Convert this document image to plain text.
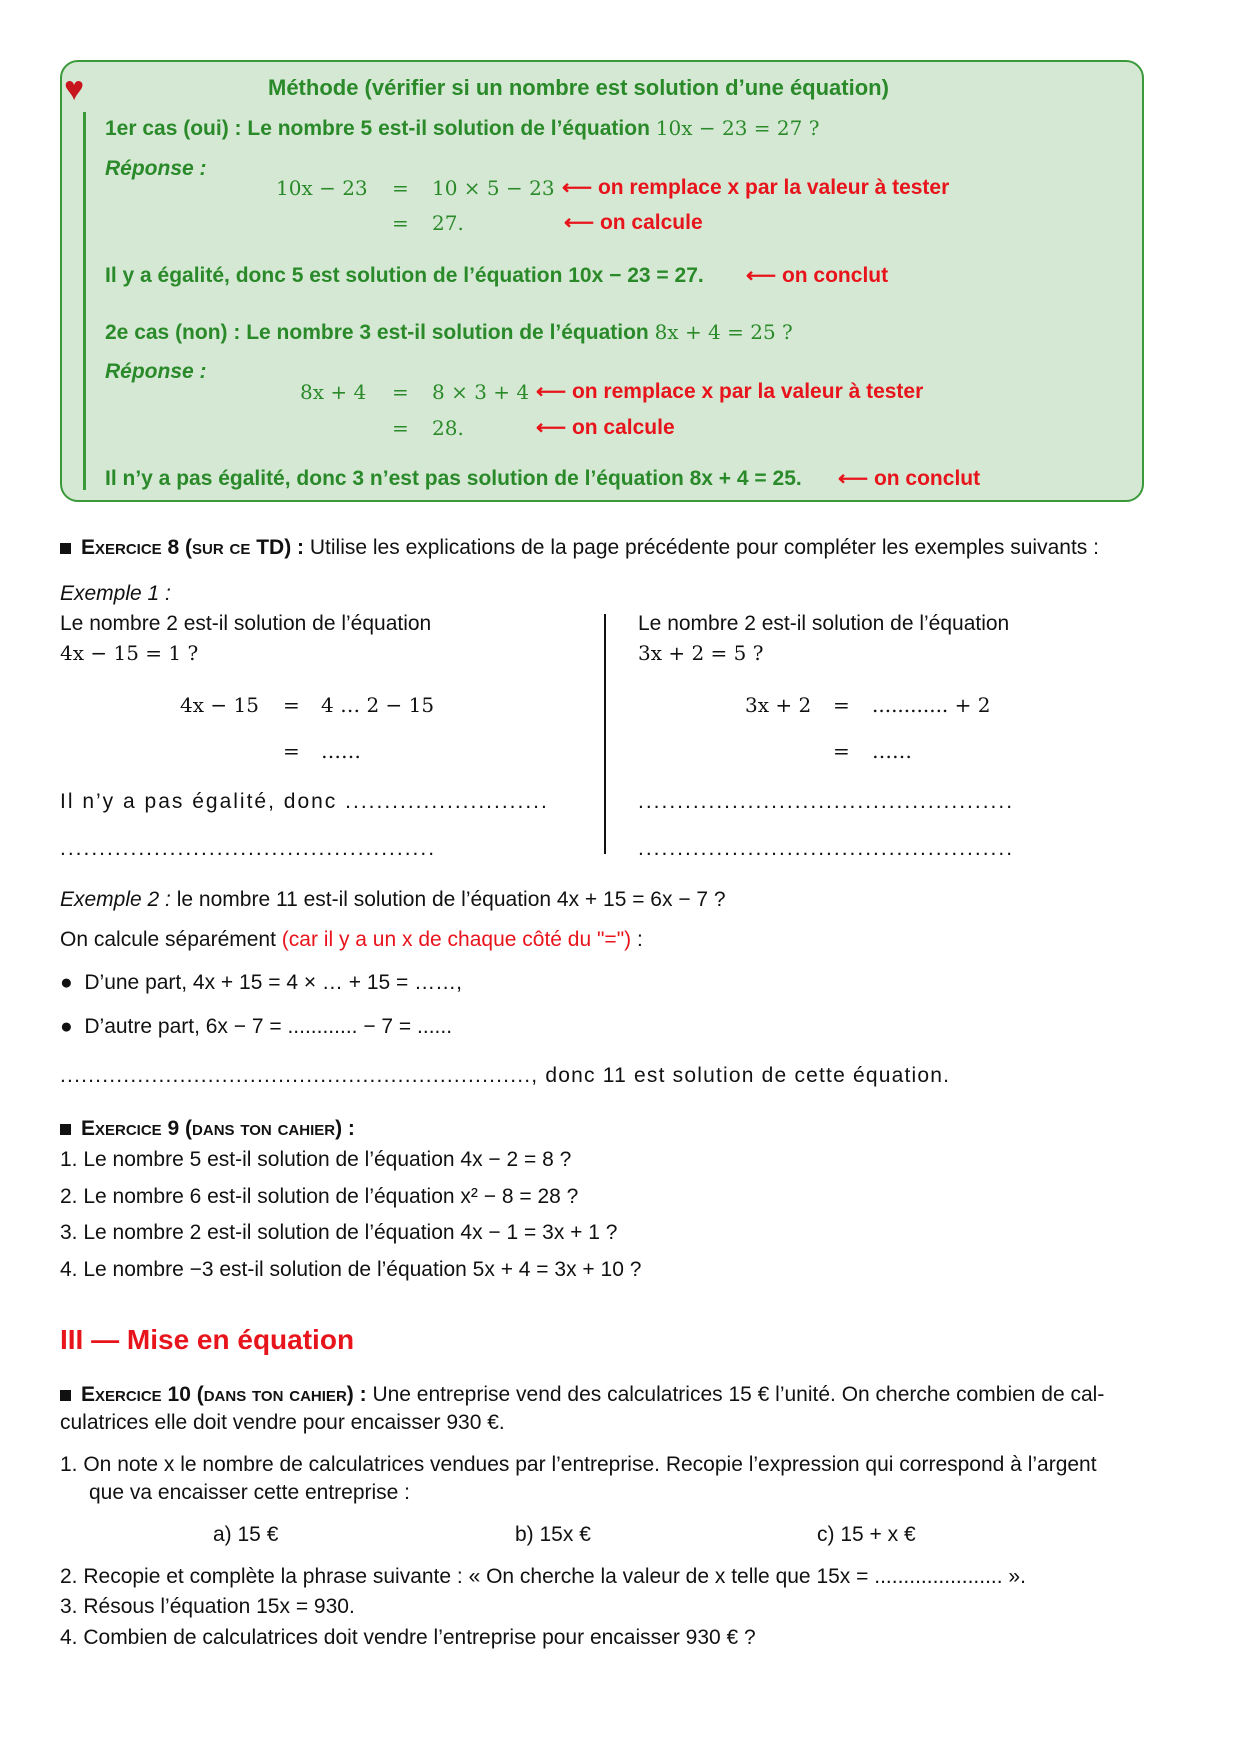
♥	Méthode (vérifier si un nombre est solution d’une équation)
1er cas (oui) : Le nombre 5 est-il solution de l’équation 10x − 23 = 27 ?
Réponse :
10x − 23 = 10 × 5 − 23 ⟵ on remplace x par la valeur à tester
= 27.	⟵ on calcule
Il y a égalité, donc 5 est solution de l’équation 10x − 23 = 27. ⟵ on conclut
2e cas (non) : Le nombre 3 est-il solution de l’équation 8x + 4 = 25 ?
Réponse :
8x + 4 = 8 × 3 + 4 ⟵ on remplace x par la valeur à tester
= 28.	⟵ on calcule
Il n’y a pas égalité, donc 3 n’est pas solution de l’équation 8x + 4 = 25. ⟵ on conclut
Exercice 8 (sur ce TD) : Utilise les explications de la page précédente pour compléter les exemples suivants :
Exemple 1 :
Le nombre 2 est-il solution de l’équation
4x − 15 = 1 ?
4x − 15 = 4 … 2 − 15
= ……
Il n’y a pas égalité, donc ..........................
................................................
Le nombre 2 est-il solution de l’équation
3x + 2 = 5 ?
3x + 2 = ............ + 2
= ……
................................................
................................................
Exemple 2 : le nombre 11 est-il solution de l’équation 4x + 15 = 6x − 7 ?
On calcule séparément (car il y a un x de chaque côté du "=") :
●  D’une part, 4x + 15 = 4 × … + 15 = ……,
●  D’autre part, 6x − 7 = ............ − 7 = ......
..................................................................., donc 11 est solution de cette équation.
Exercice 9 (dans ton cahier) :
1. Le nombre 5 est-il solution de l’équation 4x − 2 = 8 ?
2. Le nombre 6 est-il solution de l’équation x² − 8 = 28 ?
3. Le nombre 2 est-il solution de l’équation 4x − 1 = 3x + 1 ?
4. Le nombre −3 est-il solution de l’équation 5x + 4 = 3x + 10 ?
III — Mise en équation
Exercice 10 (dans ton cahier) : Une entreprise vend des calculatrices 15 € l’unité. On cherche combien de cal-
culatrices elle doit vendre pour encaisser 930 €.
1. On note x le nombre de calculatrices vendues par l’entreprise. Recopie l’expression qui correspond à l’argent
que va encaisser cette entreprise :
a) 15 €	b) 15x €	c) 15 + x €
2. Recopie et complète la phrase suivante : « On cherche la valeur de x telle que 15x = ...................... ».
3. Résous l’équation 15x = 930.
4. Combien de calculatrices doit vendre l’entreprise pour encaisser 930 € ?
